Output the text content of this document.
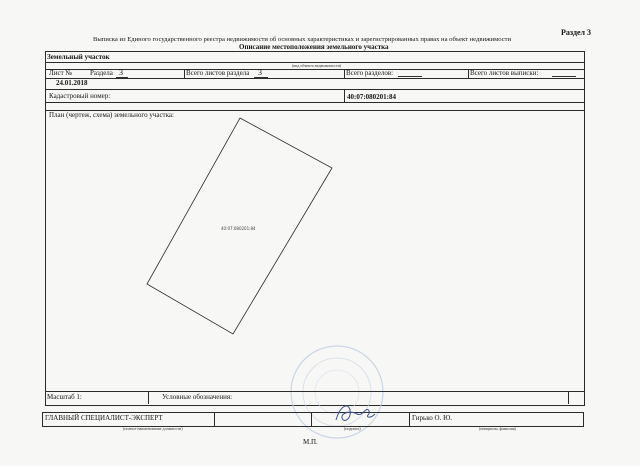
Раздел 3
Выписка из Единого государственного реестра недвижимости об основных характеристиках и зарегистрированных правах на объект недвижимости
Описание местоположения земельного участка
Земельный участок
(вид объекта недвижимости)
Лист №	Раздела 3	Всего листов раздела 3	Всего разделов:	Всего листов выписки:
24.01.2018
Кадастровый номер:	40:07:080201:84
План (чертеж, схема) земельного участка:
40:07:080201:84
Масштаб 1:	Условные обозначения:
ГЛАВНЫЙ СПЕЦИАЛИСТ-ЭКСПЕРТ	Гирько О. Ю.
(полное наименование должности)	(подпись)	(инициалы, фамилия)
М.П.
